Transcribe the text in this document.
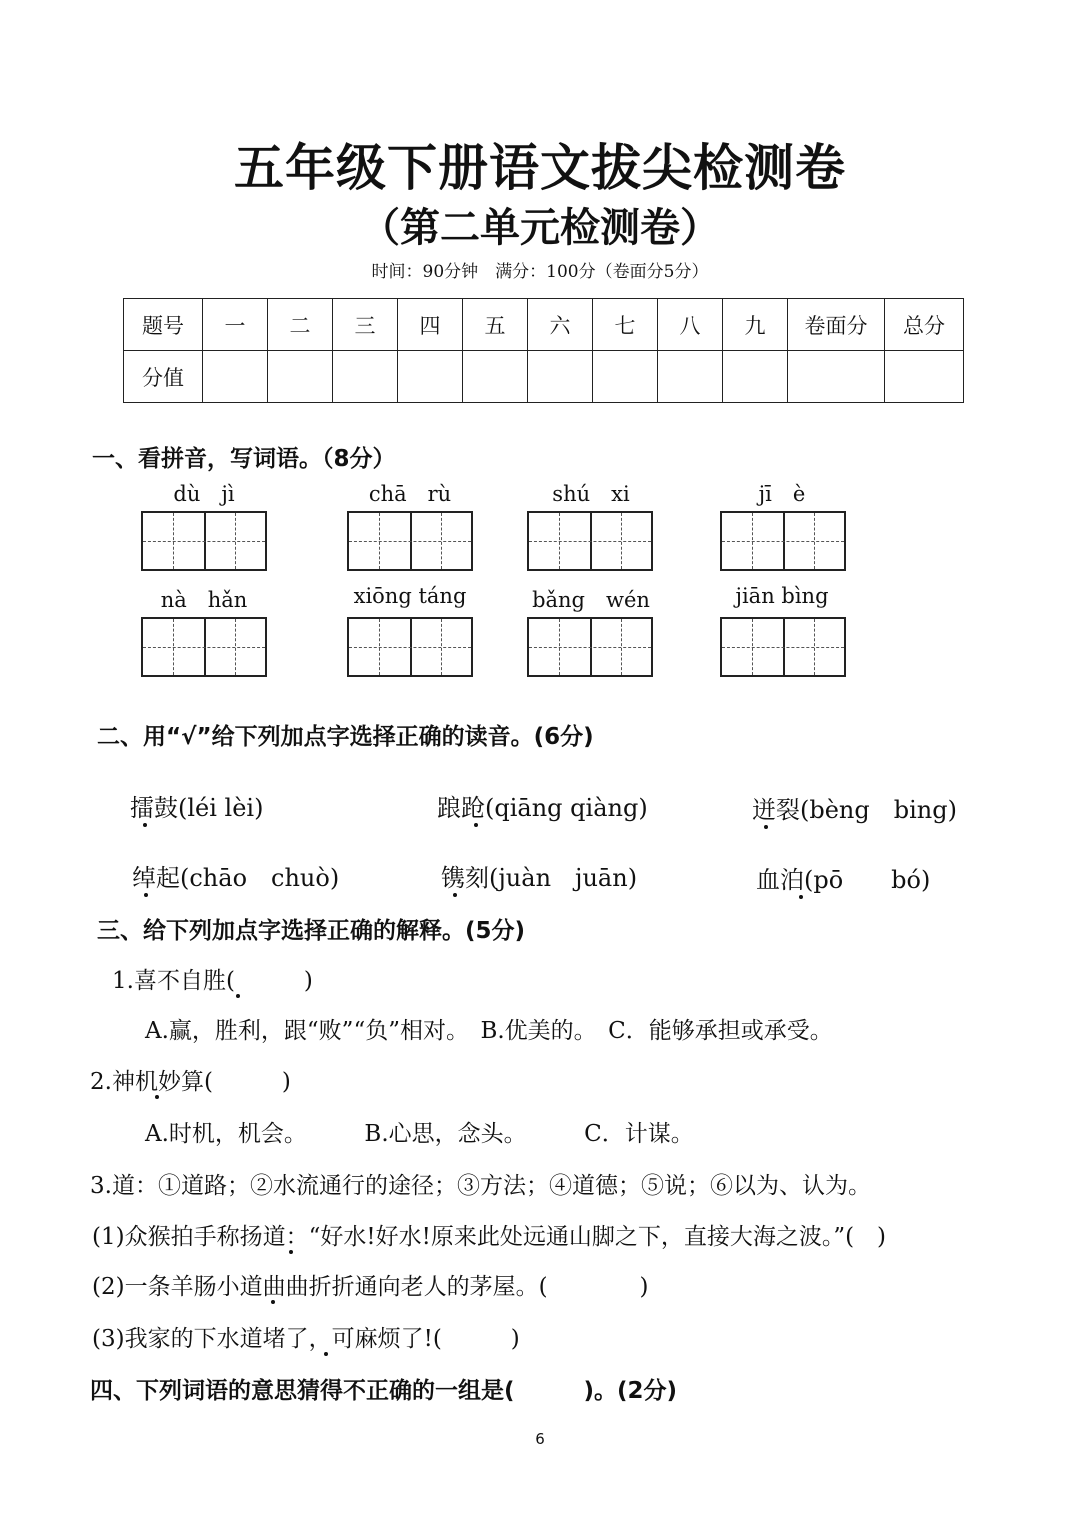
五年级下册语文拔尖检测卷
（第二单元检测卷）
时间：90分钟　满分：100分（卷面分5分）
题号	一	二	三	四	五	六	七	八	九	卷面分	总分
分值											
一、看拼音，写词语。（8分）
dù　jì	chā　rù	shú　xi	jī　è
nà　hǎn	xiōng táng	bǎng　wén	jiān bìng
二、用“√”给下列加点字选择正确的读音。(6分)
擂鼓(léi lèi)	踉跄(qiāng qiàng)	迸裂(bèng　bing)
绰起(chāo　chuò)	镌刻(juàn　juān)	血泊(pō　　bó)
三、给下列加点字选择正确的解释。(5分)
1.喜不自胜(　　　)
A.赢，胜利，跟“败”“负”相对。　B.优美的。　C．能够承担或承受。
2.神机妙算(　　　)
A.时机，机会。　　　B.心思，念头。　　　C．计谋。
3.道：①道路；②水流通行的途径；③方法；④道德；⑤说；⑥以为、认为。
(1)众猴拍手称扬道：“好水!好水!原来此处远通山脚之下，直接大海之波。”(　)
(2)一条羊肠小道曲曲折折通向老人的茅屋。(　　　　)
(3)我家的下水道堵了，可麻烦了!(　　　)
四、下列词语的意思猜得不正确的一组是(　　　)。(2分)
6
